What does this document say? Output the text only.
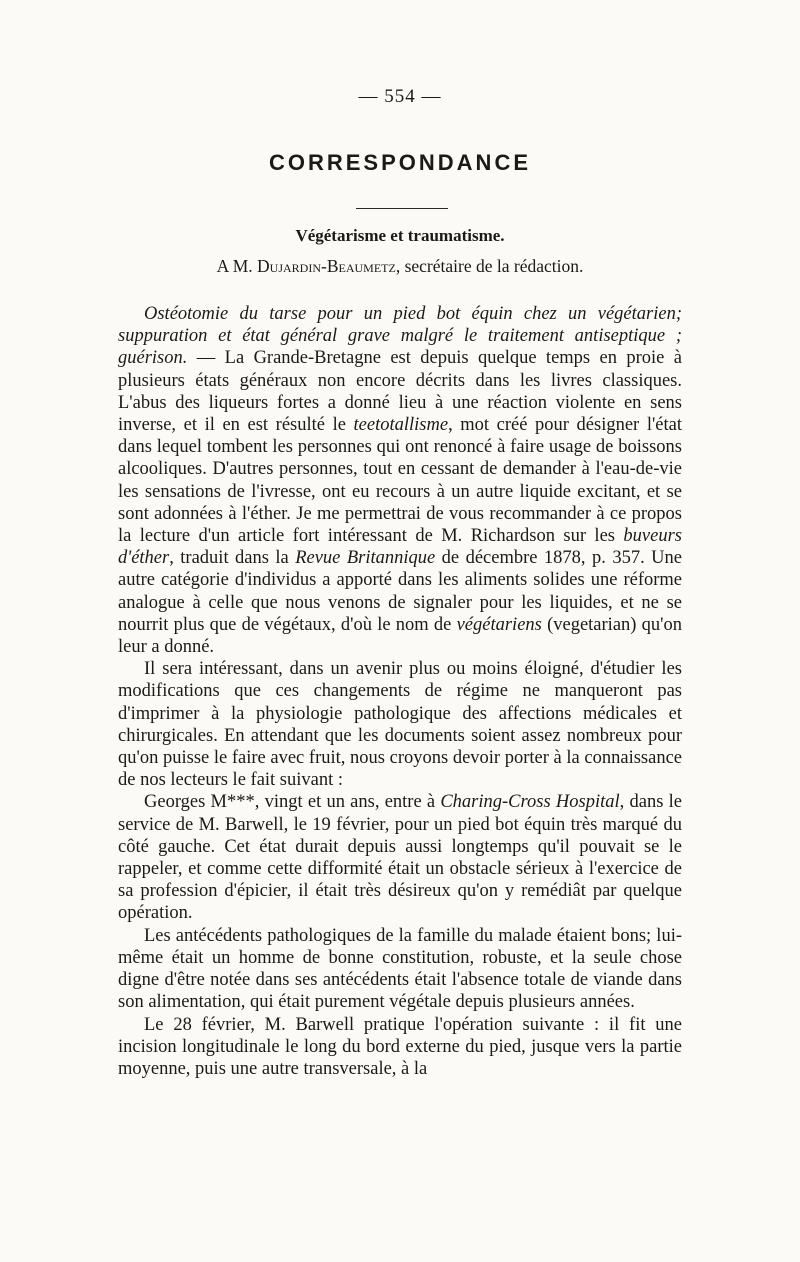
— 554 —
CORRESPONDANCE
Végétarisme et traumatisme.
A M. Dujardin-Beaumetz, secrétaire de la rédaction.

Ostéotomie du tarse pour un pied bot équin chez un végétarien; suppuration et état général grave malgré le traitement antiseptique ; guérison. — La Grande-Bretagne est depuis quelque temps en proie à plusieurs états généraux non encore décrits dans les livres classiques. L'abus des liqueurs fortes a donné lieu à une réaction violente en sens inverse, et il en est résulté le teetotallisme, mot créé pour désigner l'état dans lequel tombent les personnes qui ont renoncé à faire usage de boissons alcooliques. D'autres personnes, tout en cessant de demander à l'eau-de-vie les sensations de l'ivresse, ont eu recours à un autre liquide excitant, et se sont adonnées à l'éther. Je me permettrai de vous recommander à ce propos la lecture d'un article fort intéressant de M. Richardson sur les buveurs d'éther, traduit dans la Revue Britannique de décembre 1878, p. 357. Une autre catégorie d'individus a apporté dans les aliments solides une réforme analogue à celle que nous venons de signaler pour les liquides, et ne se nourrit plus que de végétaux, d'où le nom de végétariens (vegetarian) qu'on leur a donné.

Il sera intéressant, dans un avenir plus ou moins éloigné, d'étudier les modifications que ces changements de régime ne manqueront pas d'imprimer à la physiologie pathologique des affections médicales et chirurgicales. En attendant que les documents soient assez nombreux pour qu'on puisse le faire avec fruit, nous croyons devoir porter à la connaissance de nos lecteurs le fait suivant :

Georges M***, vingt et un ans, entre à Charing-Cross Hospital, dans le service de M. Barwell, le 19 février, pour un pied bot équin très marqué du côté gauche. Cet état durait depuis aussi longtemps qu'il pouvait se le rappeler, et comme cette difformité était un obstacle sérieux à l'exercice de sa profession d'épicier, il était très désireux qu'on y remédiât par quelque opération.

Les antécédents pathologiques de la famille du malade étaient bons; lui-même était un homme de bonne constitution, robuste, et la seule chose digne d'être notée dans ses antécédents était l'absence totale de viande dans son alimentation, qui était purement végétale depuis plusieurs années.

Le 28 février, M. Barwell pratique l'opération suivante : il fit une incision longitudinale le long du bord externe du pied, jusque vers la partie moyenne, puis une autre transversale, à la
